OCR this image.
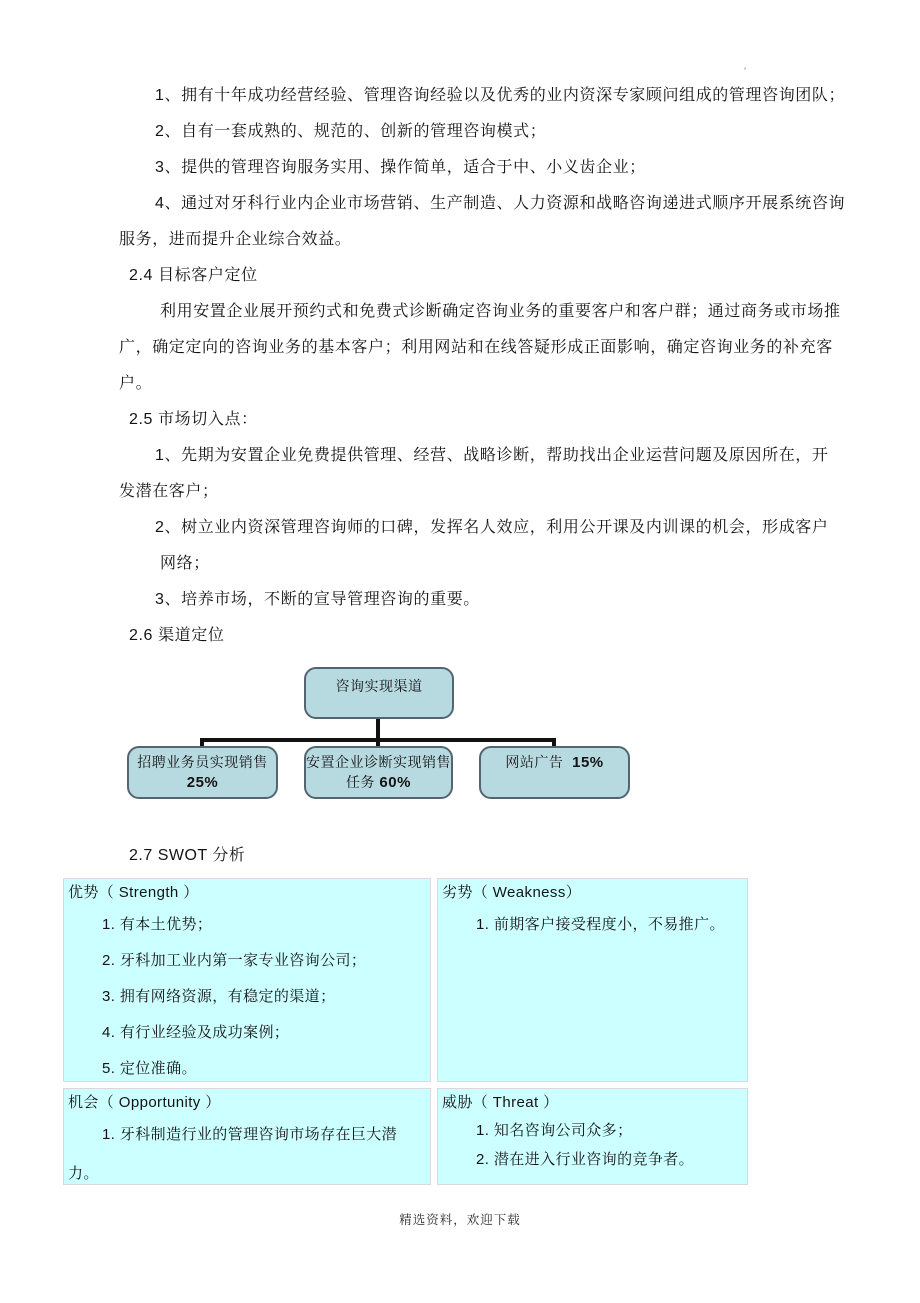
'
1、拥有十年成功经营经验、管理咨询经验以及优秀的业内资深专家顾问组成的管理咨询团队；
2、自有一套成熟的、规范的、创新的管理咨询模式；
3、提供的管理咨询服务实用、操作简单，适合于中、小义齿企业；
4、通过对牙科行业内企业市场营销、生产制造、人力资源和战略咨询递进式顺序开展系统咨询
服务，进而提升企业综合效益。
2.4 目标客户定位
利用安置企业展开预约式和免费式诊断确定咨询业务的重要客户和客户群；通过商务或市场推
广，确定定向的咨询业务的基本客户；利用网站和在线答疑形成正面影响，确定咨询业务的补充客
户。
2.5 市场切入点：
1、先期为安置企业免费提供管理、经营、战略诊断，帮助找出企业运营问题及原因所在，开
发潜在客户；
2、树立业内资深管理咨询师的口碑，发挥名人效应，利用公开课及内训课的机会，形成客户
网络；
3、培养市场，不断的宣导管理咨询的重要。
2.6 渠道定位
咨询实现渠道
招聘业务员实现销售
25%
安置企业诊断实现销售
任务 60%
网站广告 15%
2.7 SWOT 分析
优势（ Strength ）
1. 有本土优势；
2. 牙科加工业内第一家专业咨询公司；
3. 拥有网络资源，有稳定的渠道；
4. 有行业经验及成功案例；
5. 定位准确。
劣势（ Weakness）
1. 前期客户接受程度小，不易推广。
机会（ Opportunity ）
1. 牙科制造行业的管理咨询市场存在巨大潜
力。
威胁（ Threat ）
1. 知名咨询公司众多；
2. 潜在进入行业咨询的竞争者。
精选资料，欢迎下载
